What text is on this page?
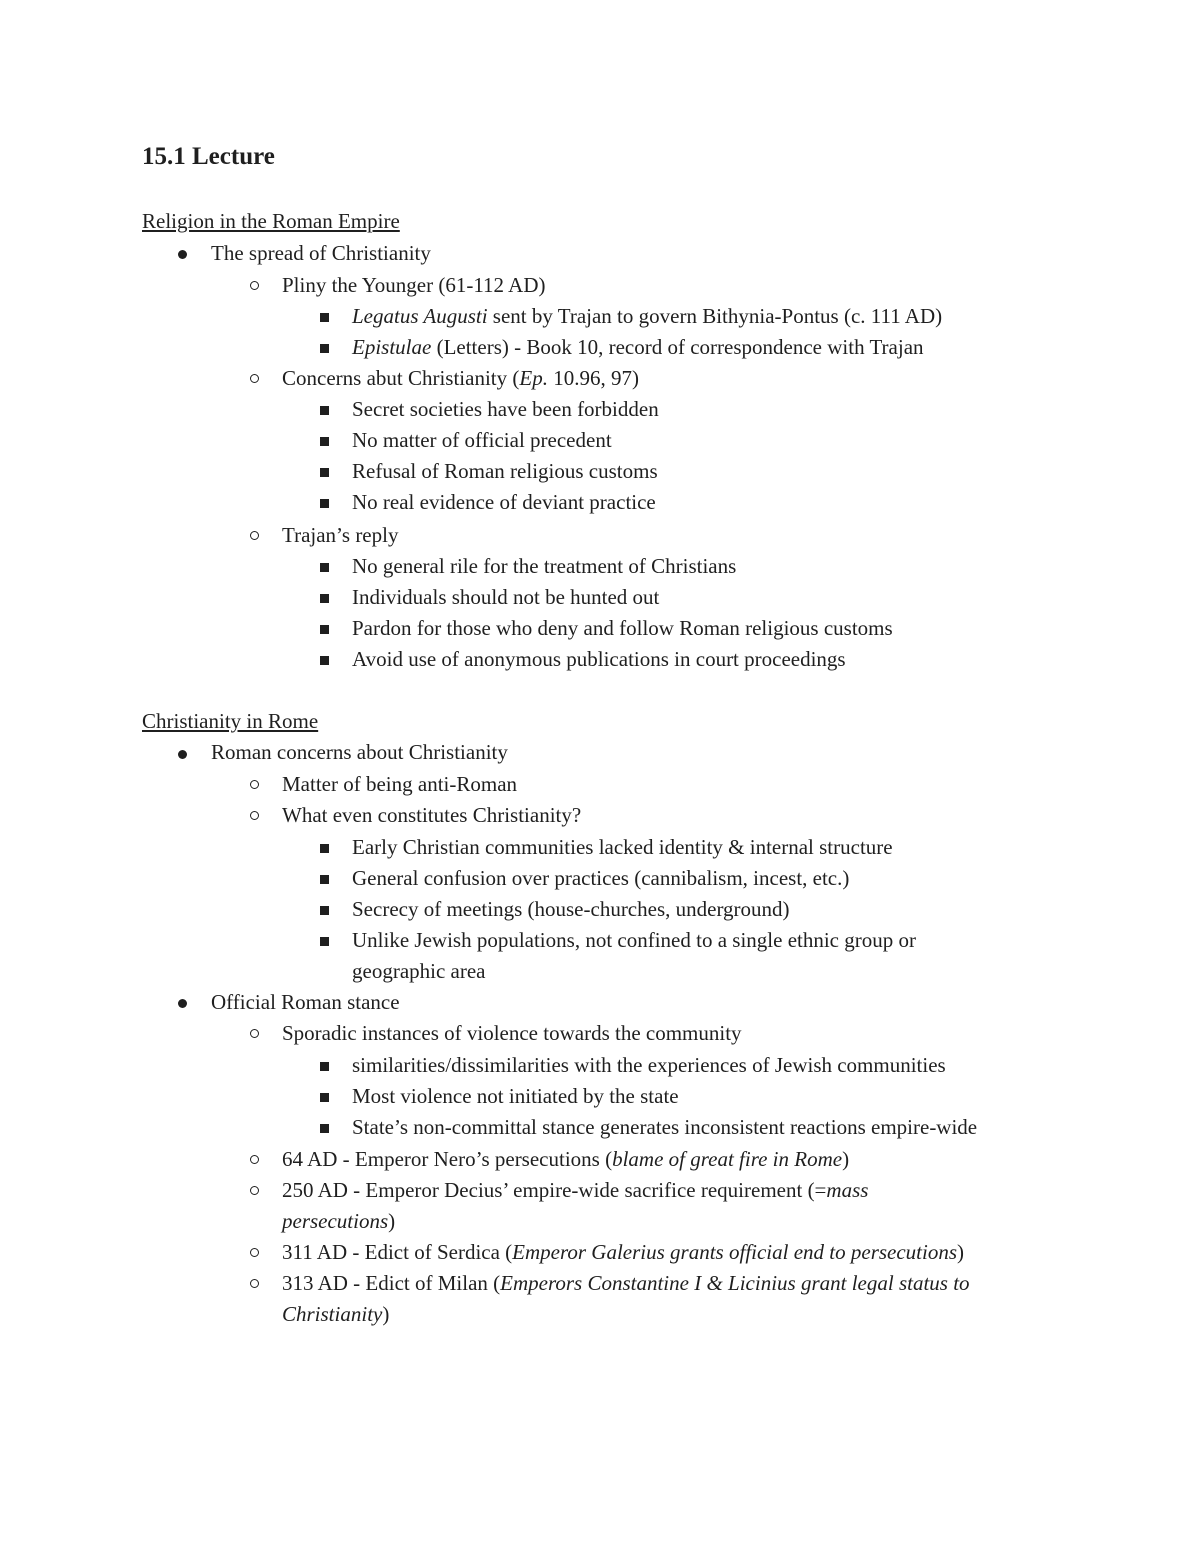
15.1 Lecture
Religion in the Roman Empire
The spread of Christianity
Pliny the Younger (61-112 AD)
Legatus Augusti sent by Trajan to govern Bithynia-Pontus (c. 111 AD)
Epistulae (Letters) - Book 10, record of correspondence with Trajan
Concerns abut Christianity (Ep. 10.96, 97)
Secret societies have been forbidden
No matter of official precedent
Refusal of Roman religious customs
No real evidence of deviant practice
Trajan’s reply
No general rile for the treatment of Christians
Individuals should not be hunted out
Pardon for those who deny and follow Roman religious customs
Avoid use of anonymous publications in court proceedings
Christianity in Rome
Roman concerns about Christianity
Matter of being anti-Roman
What even constitutes Christianity?
Early Christian communities lacked identity & internal structure
General confusion over practices (cannibalism, incest, etc.)
Secrecy of meetings (house-churches, underground)
Unlike Jewish populations, not confined to a single ethnic group or
geographic area
Official Roman stance
Sporadic instances of violence towards the community
similarities/dissimilarities with the experiences of Jewish communities
Most violence not initiated by the state
State’s non-committal stance generates inconsistent reactions empire-wide
64 AD - Emperor Nero’s persecutions (blame of great fire in Rome)
250 AD - Emperor Decius’ empire-wide sacrifice requirement (=mass
persecutions)
311 AD - Edict of Serdica (Emperor Galerius grants official end to persecutions)
313 AD - Edict of Milan (Emperors Constantine I & Licinius grant legal status to
Christianity)
